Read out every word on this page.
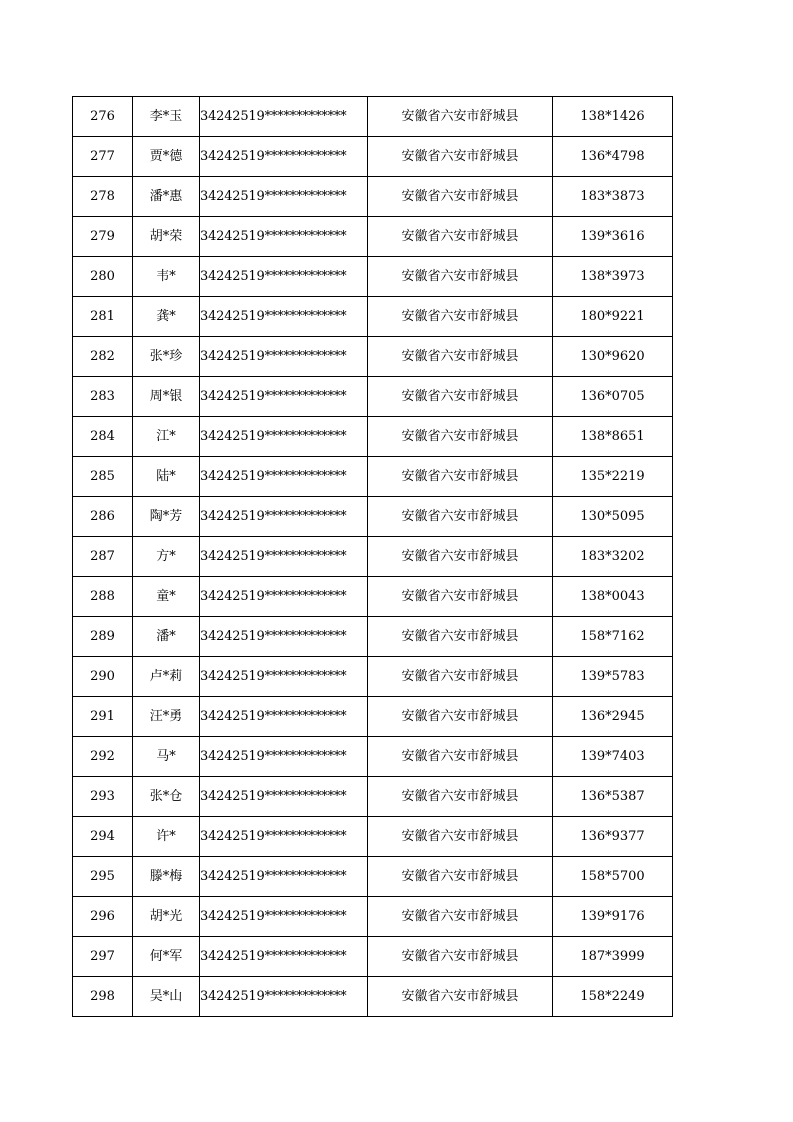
276	李*玉	34242519*************	安徽省六安市舒城县	138*1426
277	贾*德	34242519*************	安徽省六安市舒城县	136*4798
278	潘*惠	34242519*************	安徽省六安市舒城县	183*3873
279	胡*荣	34242519*************	安徽省六安市舒城县	139*3616
280	韦*	34242519*************	安徽省六安市舒城县	138*3973
281	龚*	34242519*************	安徽省六安市舒城县	180*9221
282	张*珍	34242519*************	安徽省六安市舒城县	130*9620
283	周*银	34242519*************	安徽省六安市舒城县	136*0705
284	江*	34242519*************	安徽省六安市舒城县	138*8651
285	陆*	34242519*************	安徽省六安市舒城县	135*2219
286	陶*芳	34242519*************	安徽省六安市舒城县	130*5095
287	方*	34242519*************	安徽省六安市舒城县	183*3202
288	童*	34242519*************	安徽省六安市舒城县	138*0043
289	潘*	34242519*************	安徽省六安市舒城县	158*7162
290	卢*莉	34242519*************	安徽省六安市舒城县	139*5783
291	汪*勇	34242519*************	安徽省六安市舒城县	136*2945
292	马*	34242519*************	安徽省六安市舒城县	139*7403
293	张*仓	34242519*************	安徽省六安市舒城县	136*5387
294	许*	34242519*************	安徽省六安市舒城县	136*9377
295	滕*梅	34242519*************	安徽省六安市舒城县	158*5700
296	胡*光	34242519*************	安徽省六安市舒城县	139*9176
297	何*军	34242519*************	安徽省六安市舒城县	187*3999
298	吴*山	34242519*************	安徽省六安市舒城县	158*2249
